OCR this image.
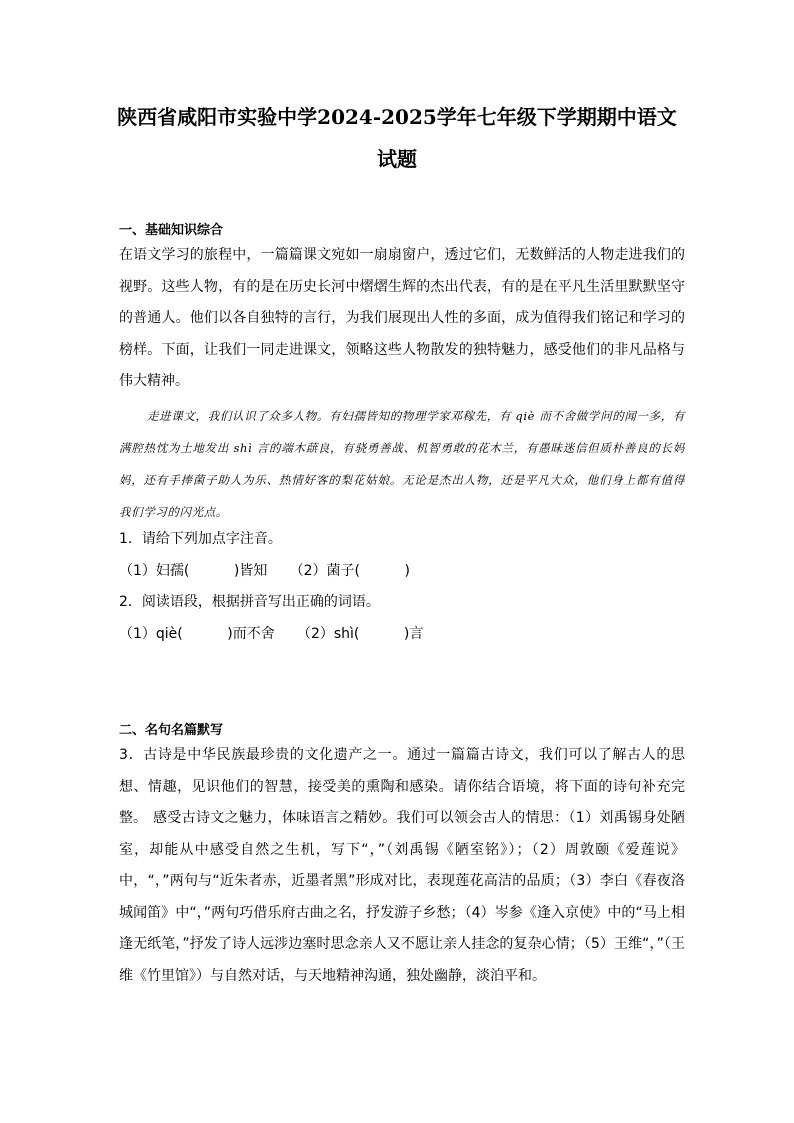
陕西省咸阳市实验中学2024-2025学年七年级下学期期中语文
试题
一、基础知识综合

在语文学习的旅程中，一篇篇课文宛如一扇扇窗户，透过它们，无数鲜活的人物走进我们的视野。这些人物，有的是在历史长河中熠熠生辉的杰出代表，有的是在平凡生活里默默坚守的普通人。他们以各自独特的言行，为我们展现出人性的多面，成为值得我们铭记和学习的榜样。下面，让我们一同走进课文，领略这些人物散发的独特魅力，感受他们的非凡品格与伟大精神。

走进课文，我们认识了众多人物。有妇孺皆知的物理学家邓稼先，有 qiè 而不舍做学问的闻一多，有满腔热忱为土地发出 shì 言的端木蕻良，有骁勇善战、机智勇敢的花木兰，有愚昧迷信但质朴善良的长妈妈，还有手捧菌子助人为乐、热情好客的梨花姑娘。无论是杰出人物，还是平凡大众，他们身上都有值得我们学习的闪光点。
1．请给下列加点字注音。
（1）妇孺(          )皆知     （2）菌子(          )
2．阅读语段，根据拼音写出正确的词语。
（1）qiè(          )而不舍     （2）shì(          )言
二、名句名篇默写
3．古诗是中华民族最珍贵的文化遗产之一。通过一篇篇古诗文，我们可以了解古人的思想、情趣，见识他们的智慧，接受美的熏陶和感染。请你结合语境，将下面的诗句补充完整。 感受古诗文之魅力，体味语言之精妙。我们可以领会古人的情思：（1）刘禹锡身处陋室，却能从中感受自然之生机，写下“，”（刘禹锡《陋室铭》）；（2）周敦颐《爱莲说》中，“，”两句与“近朱者赤，近墨者黑”形成对比，表现莲花高洁的品质；（3）李白《春夜洛城闻笛》中“，”两句巧借乐府古曲之名，抒发游子乡愁；（4）岑参《逢入京使》中的“马上相逢无纸笔，”抒发了诗人远涉边塞时思念亲人又不愿让亲人挂念的复杂心情；（5）王维“，”（王维《竹里馆》）与自然对话，与天地精神沟通，独处幽静，淡泊平和。
